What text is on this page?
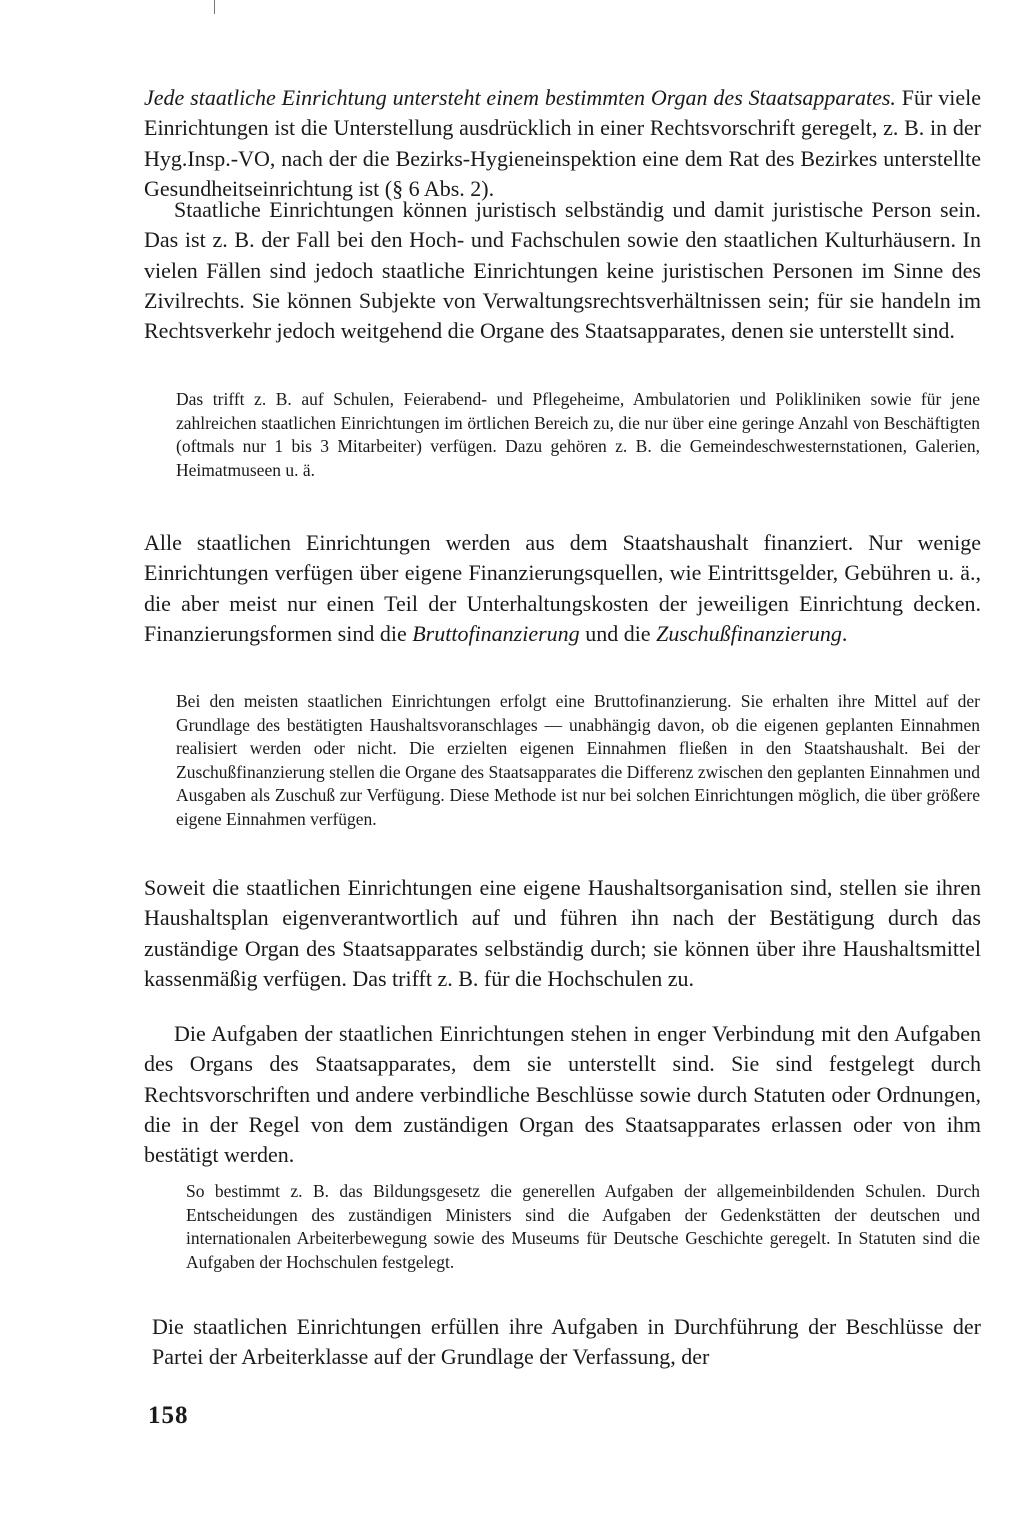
Jede staatliche Einrichtung untersteht einem bestimmten Organ des Staatsapparates. Für viele Einrichtungen ist die Unterstellung ausdrücklich in einer Rechtsvorschrift geregelt, z. B. in der Hyg.Insp.-VO, nach der die Bezirks-Hygieneinspektion eine dem Rat des Bezirkes unterstellte Gesundheitseinrichtung ist (§ 6 Abs. 2).

Staatliche Einrichtungen können juristisch selbständig und damit juristische Person sein. Das ist z. B. der Fall bei den Hoch- und Fachschulen sowie den staatlichen Kulturhäusern. In vielen Fällen sind jedoch staatliche Einrichtungen keine juristischen Personen im Sinne des Zivilrechts. Sie können Subjekte von Verwaltungsrechtsverhältnissen sein; für sie handeln im Rechtsverkehr jedoch weitgehend die Organe des Staatsapparates, denen sie unterstellt sind.

Das trifft z. B. auf Schulen, Feierabend- und Pflegeheime, Ambulatorien und Polikliniken sowie für jene zahlreichen staatlichen Einrichtungen im örtlichen Bereich zu, die nur über eine geringe Anzahl von Beschäftigten (oftmals nur 1 bis 3 Mitarbeiter) verfügen. Dazu gehören z. B. die Gemeindeschwesternstationen, Galerien, Heimatmuseen u. ä.

Alle staatlichen Einrichtungen werden aus dem Staatshaushalt finanziert. Nur wenige Einrichtungen verfügen über eigene Finanzierungsquellen, wie Eintrittsgelder, Gebühren u. ä., die aber meist nur einen Teil der Unterhaltungskosten der jeweiligen Einrichtung decken. Finanzierungsformen sind die Bruttofinanzierung und die Zuschußfinanzierung.

Bei den meisten staatlichen Einrichtungen erfolgt eine Bruttofinanzierung. Sie erhalten ihre Mittel auf der Grundlage des bestätigten Haushaltsvoranschlages — unabhängig davon, ob die eigenen geplanten Einnahmen realisiert werden oder nicht. Die erzielten eigenen Einnahmen fließen in den Staatshaushalt. Bei der Zuschußfinanzierung stellen die Organe des Staatsapparates die Differenz zwischen den geplanten Einnahmen und Ausgaben als Zuschuß zur Verfügung. Diese Methode ist nur bei solchen Einrichtungen möglich, die über größere eigene Einnahmen verfügen.

Soweit die staatlichen Einrichtungen eine eigene Haushaltsorganisation sind, stellen sie ihren Haushaltsplan eigenverantwortlich auf und führen ihn nach der Bestätigung durch das zuständige Organ des Staatsapparates selbständig durch; sie können über ihre Haushaltsmittel kassenmäßig verfügen. Das trifft z. B. für die Hochschulen zu.

Die Aufgaben der staatlichen Einrichtungen stehen in enger Verbindung mit den Aufgaben des Organs des Staatsapparates, dem sie unterstellt sind. Sie sind festgelegt durch Rechtsvorschriften und andere verbindliche Beschlüsse sowie durch Statuten oder Ordnungen, die in der Regel von dem zuständigen Organ des Staatsapparates erlassen oder von ihm bestätigt werden.

So bestimmt z. B. das Bildungsgesetz die generellen Aufgaben der allgemeinbildenden Schulen. Durch Entscheidungen des zuständigen Ministers sind die Aufgaben der Gedenkstätten der deutschen und internationalen Arbeiterbewegung sowie des Museums für Deutsche Geschichte geregelt. In Statuten sind die Aufgaben der Hochschulen festgelegt.

Die staatlichen Einrichtungen erfüllen ihre Aufgaben in Durchführung der Beschlüsse der Partei der Arbeiterklasse auf der Grundlage der Verfassung, der

158
